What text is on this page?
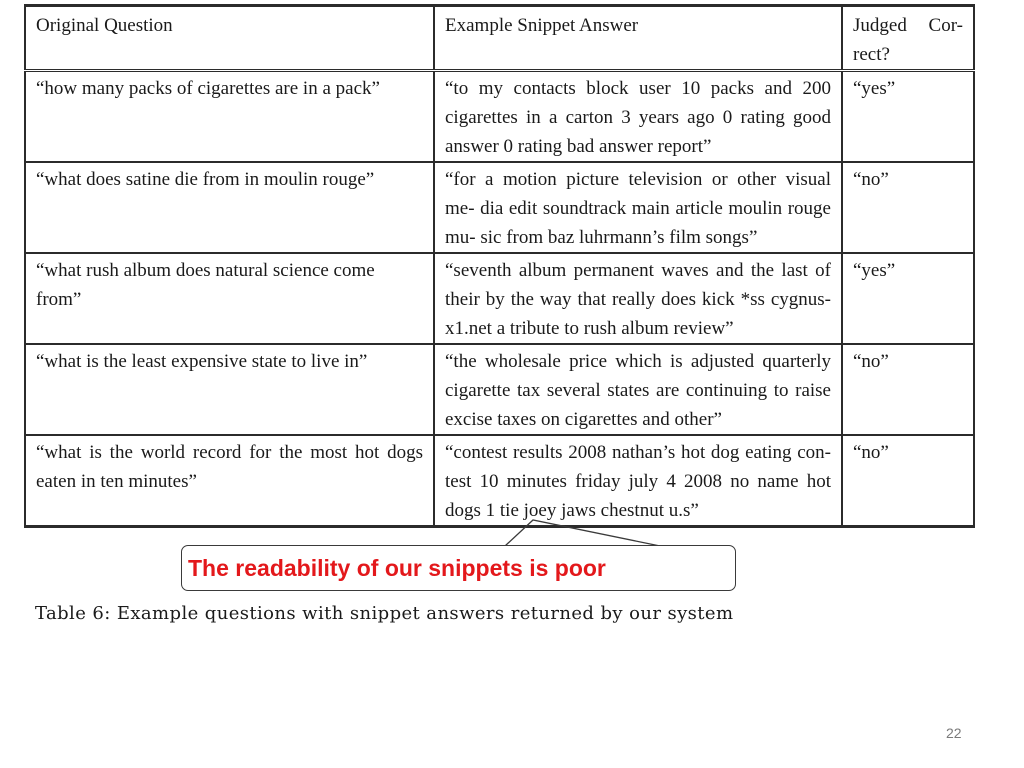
Original Question	Example Snippet Answer	Judged Cor- rect?

“how many packs of cigarettes are in a pack”	“to my contacts block user 10 packs and 200 cigarettes in a carton 3 years ago 0 rating good answer 0 rating bad answer report”	“yes”
“what does satine die from in moulin rouge”	“for a motion picture television or other visual me- dia edit soundtrack main article moulin rouge mu- sic from baz luhrmann’s film songs”	“no”
“what rush album does natural science come from”	“seventh album permanent waves and the last of their by the way that really does kick *ss cygnus- x1.net a tribute to rush album review”	“yes”
“what is the least expensive state to live in”	“the wholesale price which is adjusted quarterly cigarette tax several states are continuing to raise excise taxes on cigarettes and other”	“no”
“what is the world record for the most hot dogs eaten in ten minutes”	“contest results 2008 nathan’s hot dog eating con- test 10 minutes friday july 4 2008 no name hot dogs 1 tie joey jaws chestnut u.s”	“no”
The readability of our snippets is poor
Table 6: Example questions with snippet answers returned by our system
22
